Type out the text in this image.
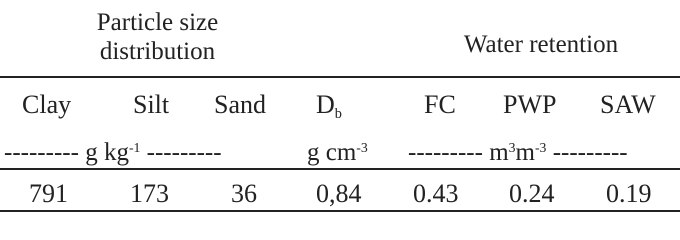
Particle size
distribution	Water retention
Clay Silt Sand $D_b$	FC PWP SAW
--------- g $kg^{-1}$ ---------	g $cm^{-3}$ --------- $m^3m^{-3}$ ---------
791 173 36 0,84 0.43 0.24 0.19
